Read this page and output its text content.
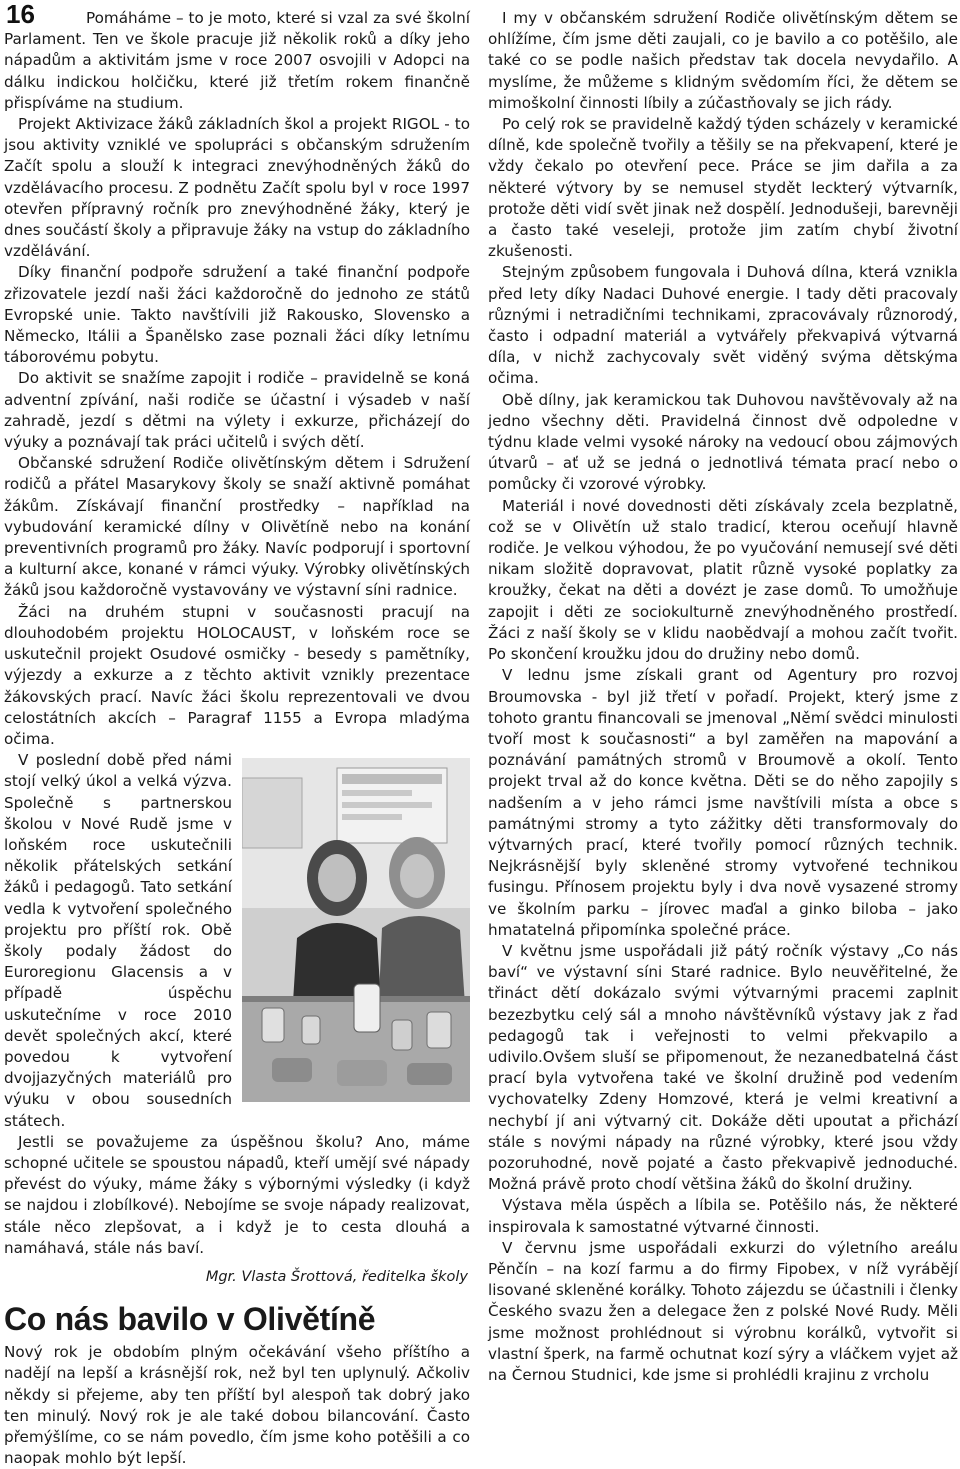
16	Pomáháme – to je moto, které si vzal za své školní Parlament. Ten ve škole pracuje již několik roků a díky jeho nápadům a aktivitám jsme v roce 2007 osvojili v Adopci na dálku indickou holčičku, které již třetím rokem finančně přispíváme na studium.

Projekt Aktivizace žáků základních škol a projekt RIGOL - to jsou aktivity vzniklé ve spolupráci s občanským sdružením Začít spolu a slouží k integraci znevýhodněných žáků do vzdělávacího procesu. Z podnětu Začít spolu byl v roce 1997 otevřen přípravný ročník pro znevýhodněné žáky, který je dnes součástí školy a připravuje žáky na vstup do základního vzdělávání.

Díky finanční podpoře sdružení a také finanční podpoře zřizovatele jezdí naši žáci každoročně do jednoho ze států Evropské unie. Takto navštívili již Rakousko, Slovensko a Německo, Itálii a Španělsko zase poznali žáci díky letnímu táborovému pobytu.

Do aktivit se snažíme zapojit i rodiče – pravidelně se koná adventní zpívání, naši rodiče se účastní i výsadeb v naší zahradě, jezdí s dětmi na výlety i exkurze, přicházejí do výuky a poznávají tak práci učitelů i svých dětí.

Občanské sdružení Rodiče olivětínským dětem i Sdružení rodičů a přátel Masarykovy školy se snaží aktivně pomáhat žákům. Získávají finanční prostředky – například na vybudování keramické dílny v Olivětíně nebo na konání preventivních programů pro žáky. Navíc podporují i sportovní a kulturní akce, konané v rámci výuky. Výrobky olivětínských žáků jsou každoročně vystavovány ve výstavní síni radnice.

Žáci na druhém stupni v současnosti pracují na dlouhodobém projektu HOLOCAUST, v loňském roce se uskutečnil projekt Osudové osmičky - besedy s pamětníky, výjezdy a exkurze a z těchto aktivit vznikly prezentace žákovských prací. Navíc žáci školu reprezentovali ve dvou celostátních akcích – Paragraf 1155 a Evropa mladýma očima.

V poslední době před námi stojí velký úkol a velká výzva. Společně s partnerskou školou v Nové Rudě jsme v loňském roce uskutečnili několik přátelských setkání žáků i pedagogů. Tato setkání vedla k vytvoření společného projektu pro příští rok. Obě školy podaly žádost do Euroregionu Glacensis a v případě úspěchu uskutečníme v roce 2010 devět společných akcí, které povedou k vytvoření dvojjazyčných materiálů pro výuku v obou sousedních státech.

Jestli se považujeme za úspěšnou školu? Ano, máme schopné učitele se spoustou nápadů, kteří umějí své nápady převést do výuky, máme žáky s výbornými výsledky (i když se najdou i zlobílkové). Nebojíme se svoje nápady realizovat, stále něco zlepšovat, a i když je to cesta dlouhá a namáhavá, stále nás baví.

Mgr. Vlasta Šrottová, ředitelka školy
Co nás bavilo v Olivětíně

Nový rok je obdobím plným očekávání všeho příštího a nadějí na lepší a krásnější rok, než byl ten uplynulý. Ačkoliv někdy si přejeme, aby ten příští byl alespoň tak dobrý jako ten minulý. Nový rok je ale také dobou bilancování. Často přemýšlíme, co se nám povedlo, čím jsme koho potěšili a co naopak mohlo být lepší.

I my v občanském sdružení Rodiče olivětínským dětem se ohlížíme, čím jsme děti zaujali, co je bavilo a co potěšilo, ale také co se podle našich představ tak docela nevydařilo. A myslíme, že můžeme s klidným svědomím říci, že dětem se mimoškolní činnosti líbily a zúčastňovaly se jich rády.

Po celý rok se pravidelně každý týden scházely v keramické dílně, kde společně tvořily a těšily se na překvapení, které je vždy čekalo po otevření pece. Práce se jim dařila a za některé výtvory by se nemusel stydět leckterý výtvarník, protože děti vidí svět jinak než dospělí. Jednodušeji, barevněji a často také veseleji, protože jim zatím chybí životní zkušenosti.

Stejným způsobem fungovala i Duhová dílna, která vznikla před lety díky Nadaci Duhové energie. I tady děti pracovaly různými i netradičními technikami, zpracovávaly různorodý, často i odpadní materiál a vytvářely překvapivá výtvarná díla, v nichž zachycovaly svět viděný svýma dětskýma očima.

Obě dílny, jak keramickou tak Duhovou navštěvovaly až na jedno všechny děti. Pravidelná činnost dvě odpoledne v týdnu klade velmi vysoké nároky na vedoucí obou zájmových útvarů – ať už se jedná o jednotlivá témata prací nebo o pomůcky či vzorové výrobky.

Materiál i nové dovednosti děti získávaly zcela bezplatně, což se v Olivětín už stalo tradicí, kterou oceňují hlavně rodiče. Je velkou výhodou, že po vyučování nemusejí své děti nikam složitě dopravovat, platit různě vysoké poplatky za kroužky, čekat na děti a dovézt je zase domů. To umožňuje zapojit i děti ze sociokulturně znevýhodněného prostředí. Žáci z naší školy se v klidu naobědvají a mohou začít tvořit. Po skončení kroužku jdou do družiny nebo domů.

V lednu jsme získali grant od Agentury pro rozvoj Broumovska - byl již třetí v pořadí. Projekt, který jsme z tohoto grantu financovali se jmenoval „Němí svědci minulosti tvoří most k současnosti“ a byl zaměřen na mapování a poznávání památných stromů v Broumově a okolí. Tento projekt trval až do konce května. Děti se do něho zapojily s nadšením a v jeho rámci jsme navštívili místa a obce s památnými stromy a tyto zážitky děti transformovaly do výtvarných prací, které tvořily pomocí různých technik. Nejkrásnější byly skleněné stromy vytvořené technikou fusingu. Přínosem projektu byly i dva nově vysazené stromy ve školním parku – jírovec maďal a ginko biloba – jako hmatatelná připomínka společné práce.

V květnu jsme uspořádali již pátý ročník výstavy „Co nás baví“ ve výstavní síni Staré radnice. Bylo neuvěřitelné, že třináct dětí dokázalo svými výtvarnými pracemi zaplnit bezezbytku celý sál a mnoho návštěvníků výstavy jak z řad pedagogů tak i veřejnosti to velmi překvapilo a udivilo.Ovšem sluší se připomenout, že nezanedbatelná část prací byla vytvořena také ve školní družině pod vedením vychovatelky Zdeny Homzové, která je velmi kreativní a nechybí jí ani výtvarný cit. Dokáže děti upoutat a přichází stále s novými nápady na různé výrobky, které jsou vždy pozoruhodné, nově pojaté a často překvapivě jednoduché. Možná právě proto chodí většina žáků do školní družiny.

Výstava měla úspěch a líbila se. Potěšilo nás, že některé inspirovala k samostatné výtvarné činnosti.

V červnu jsme uspořádali exkurzi do výletního areálu Pěnčín – na kozí farmu a do firmy Fipobex, v níž vyrábějí lisované skleněné korálky. Tohoto zájezdu se účastnili i členky Českého svazu žen a delegace žen z polské Nové Rudy. Měli jsme možnost prohlédnout si výrobnu korálků, vytvořit si vlastní šperk, na farmě ochutnat kozí sýry a vláčkem vyjet až na Černou Studnici, kde jsme si prohlédli krajinu z vrcholu
